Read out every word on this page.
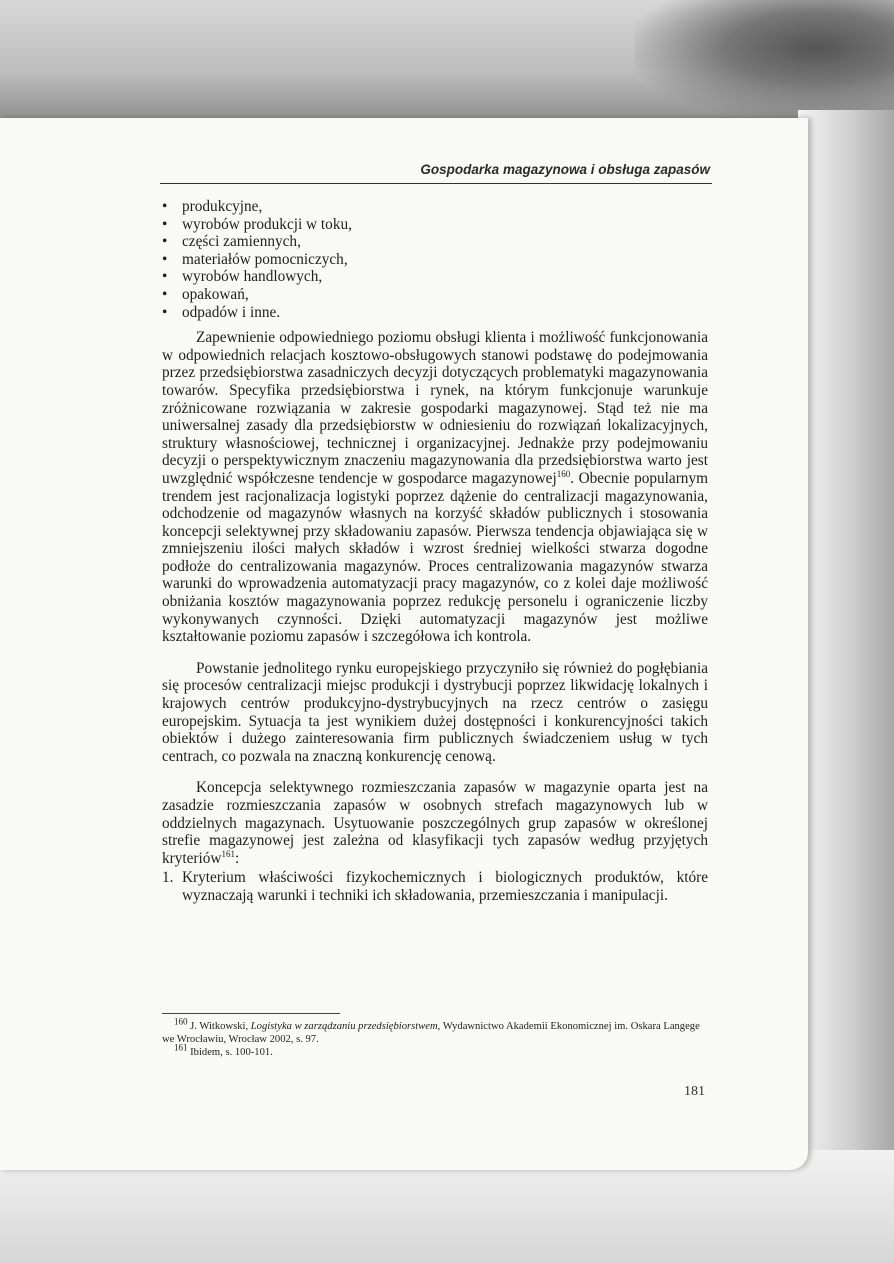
Gospodarka magazynowa i obsługa zapasów
• produkcyjne,
• wyrobów produkcji w toku,
• części zamiennych,
• materiałów pomocniczych,
• wyrobów handlowych,
• opakowań,
• odpadów i inne.

Zapewnienie odpowiedniego poziomu obsługi klienta i możliwość funkcjonowania w odpowiednich relacjach kosztowo-obsługowych stanowi podstawę do podejmowania przez przedsiębiorstwa zasadniczych decyzji dotyczących problematyki magazynowania towarów. Specyfika przedsiębiorstwa i rynek, na którym funkcjonuje warunkuje zróżnicowane rozwiązania w zakresie gospodarki magazynowej. Stąd też nie ma uniwersalnej zasady dla przedsiębiorstw w odniesieniu do rozwiązań lokalizacyjnych, struktury własnościowej, technicznej i organizacyjnej. Jednakże przy podejmowaniu decyzji o perspektywicznym znaczeniu magazynowania dla przedsiębiorstwa warto jest uwzględnić współczesne tendencje w gospodarce magazynowej$^{160}$. Obecnie popularnym trendem jest racjonalizacja logistyki poprzez dążenie do centralizacji magazynowania, odchodzenie od magazynów własnych na korzyść składów publicznych i stosowania koncepcji selektywnej przy składowaniu zapasów. Pierwsza tendencja objawiająca się w zmniejszeniu ilości małych składów i wzrost średniej wielkości stwarza dogodne podłoże do centralizowania magazynów. Proces centralizowania magazynów stwarza warunki do wprowadzenia automatyzacji pracy magazynów, co z kolei daje możliwość obniżania kosztów magazynowania poprzez redukcję personelu i ograniczenie liczby wykonywanych czynności. Dzięki automatyzacji magazynów jest możliwe kształtowanie poziomu zapasów i szczegółowa ich kontrola.

Powstanie jednolitego rynku europejskiego przyczyniło się również do pogłębiania się procesów centralizacji miejsc produkcji i dystrybucji poprzez likwidację lokalnych i krajowych centrów produkcyjno-dystrybucyjnych na rzecz centrów o zasięgu europejskim. Sytuacja ta jest wynikiem dużej dostępności i konkurencyjności takich obiektów i dużego zainteresowania firm publicznych świadczeniem usług w tych centrach, co pozwala na znaczną konkurencję cenową.

Koncepcja selektywnego rozmieszczania zapasów w magazynie oparta jest na zasadzie rozmieszczania zapasów w osobnych strefach magazynowych lub w oddzielnych magazynach. Usytuowanie poszczególnych grup zapasów w określonej strefie magazynowej jest zależna od klasyfikacji tych zapasów według przyjętych kryteriów$^{161}$:

1. Kryterium właściwości fizykochemicznych i biologicznych produktów, które wyznaczają warunki i techniki ich składowania, przemieszczania i manipulacji.

$^{160}$ J. Witkowski, Logistyka w zarządzaniu przedsiębiorstwem, Wydawnictwo Akademii Ekonomicznej im. Oskara Langege we Wrocławiu, Wrocław 2002, s. 97.

$^{161}$ Ibidem, s. 100-101.

181
